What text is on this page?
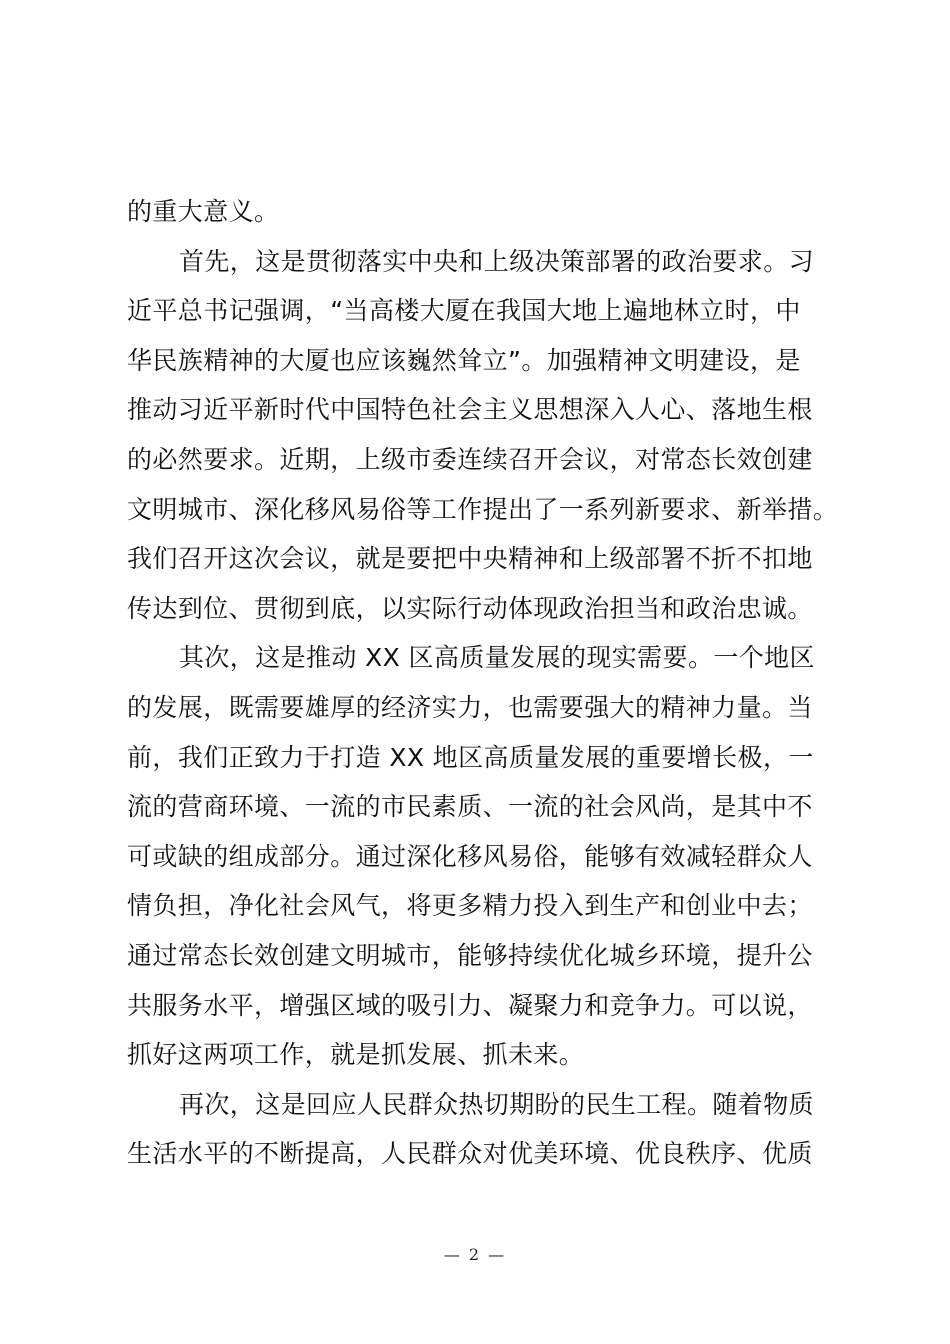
的重大意义。
首先，这是贯彻落实中央和上级决策部署的政治要求。习
近平总书记强调，“当高楼大厦在我国大地上遍地林立时，中
华民族精神的大厦也应该巍然耸立”。加强精神文明建设，是
推动习近平新时代中国特色社会主义思想深入人心、落地生根
的必然要求。近期，上级市委连续召开会议，对常态长效创建
文明城市、深化移风易俗等工作提出了一系列新要求、新举措。
我们召开这次会议，就是要把中央精神和上级部署不折不扣地
传达到位、贯彻到底，以实际行动体现政治担当和政治忠诚。
其次，这是推动 XX 区高质量发展的现实需要。一个地区
的发展，既需要雄厚的经济实力，也需要强大的精神力量。当
前，我们正致力于打造 XX 地区高质量发展的重要增长极，一
流的营商环境、一流的市民素质、一流的社会风尚，是其中不
可或缺的组成部分。通过深化移风易俗，能够有效减轻群众人
情负担，净化社会风气，将更多精力投入到生产和创业中去；
通过常态长效创建文明城市，能够持续优化城乡环境，提升公
共服务水平，增强区域的吸引力、凝聚力和竞争力。可以说，
抓好这两项工作，就是抓发展、抓未来。
再次，这是回应人民群众热切期盼的民生工程。随着物质
生活水平的不断提高，人民群众对优美环境、优良秩序、优质
— 2 —
